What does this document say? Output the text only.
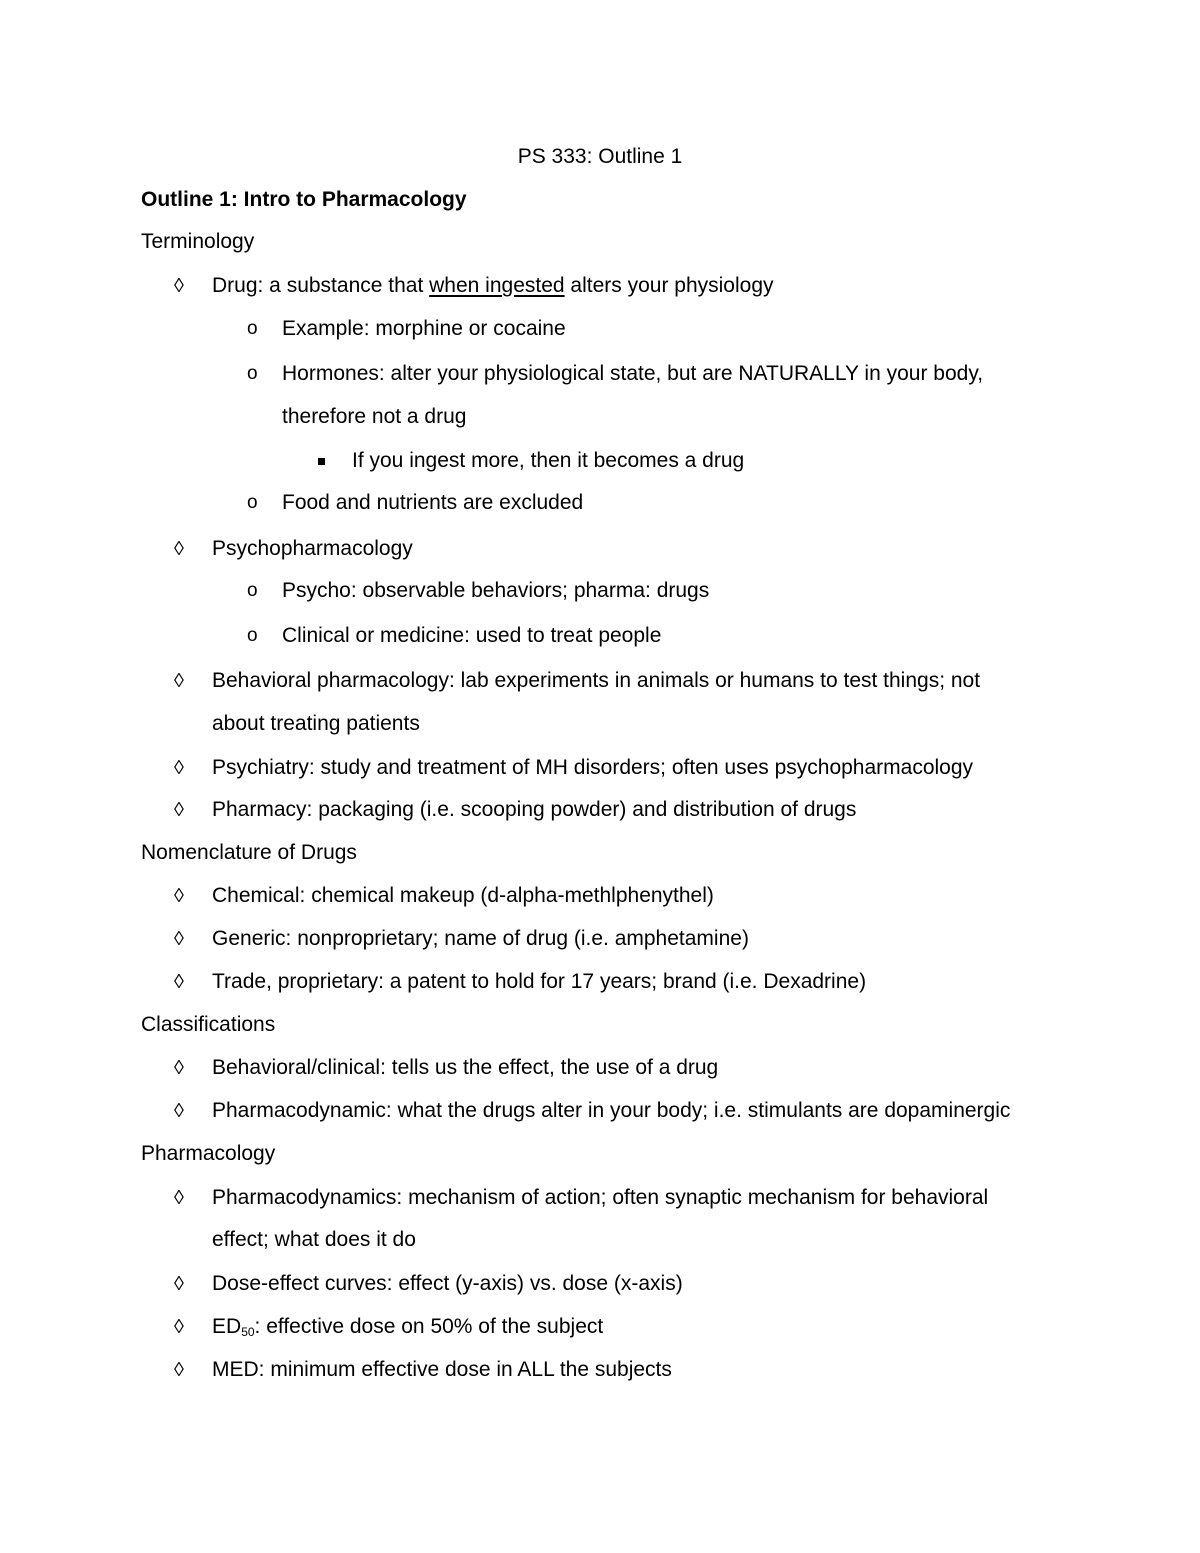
PS 333: Outline 1
Outline 1: Intro to Pharmacology
Terminology
◊ Drug: a substance that when ingested alters your physiology
o Example: morphine or cocaine
o Hormones: alter your physiological state, but are NATURALLY in your body,
therefore not a drug
If you ingest more, then it becomes a drug
o Food and nutrients are excluded
◊ Psychopharmacology
o Psycho: observable behaviors; pharma: drugs
o Clinical or medicine: used to treat people
◊ Behavioral pharmacology: lab experiments in animals or humans to test things; not
about treating patients
◊ Psychiatry: study and treatment of MH disorders; often uses psychopharmacology
◊ Pharmacy: packaging (i.e. scooping powder) and distribution of drugs
Nomenclature of Drugs
◊ Chemical: chemical makeup (d-alpha-methlphenythel)
◊ Generic: nonproprietary; name of drug (i.e. amphetamine)
◊ Trade, proprietary: a patent to hold for 17 years; brand (i.e. Dexadrine)
Classifications
◊ Behavioral/clinical: tells us the effect, the use of a drug
◊ Pharmacodynamic: what the drugs alter in your body; i.e. stimulants are dopaminergic
Pharmacology
◊ Pharmacodynamics: mechanism of action; often synaptic mechanism for behavioral
effect; what does it do
◊ Dose-effect curves: effect (y-axis) vs. dose (x-axis)
◊ $ED_{50}$: effective dose on 50% of the subject
◊ MED: minimum effective dose in ALL the subjects
